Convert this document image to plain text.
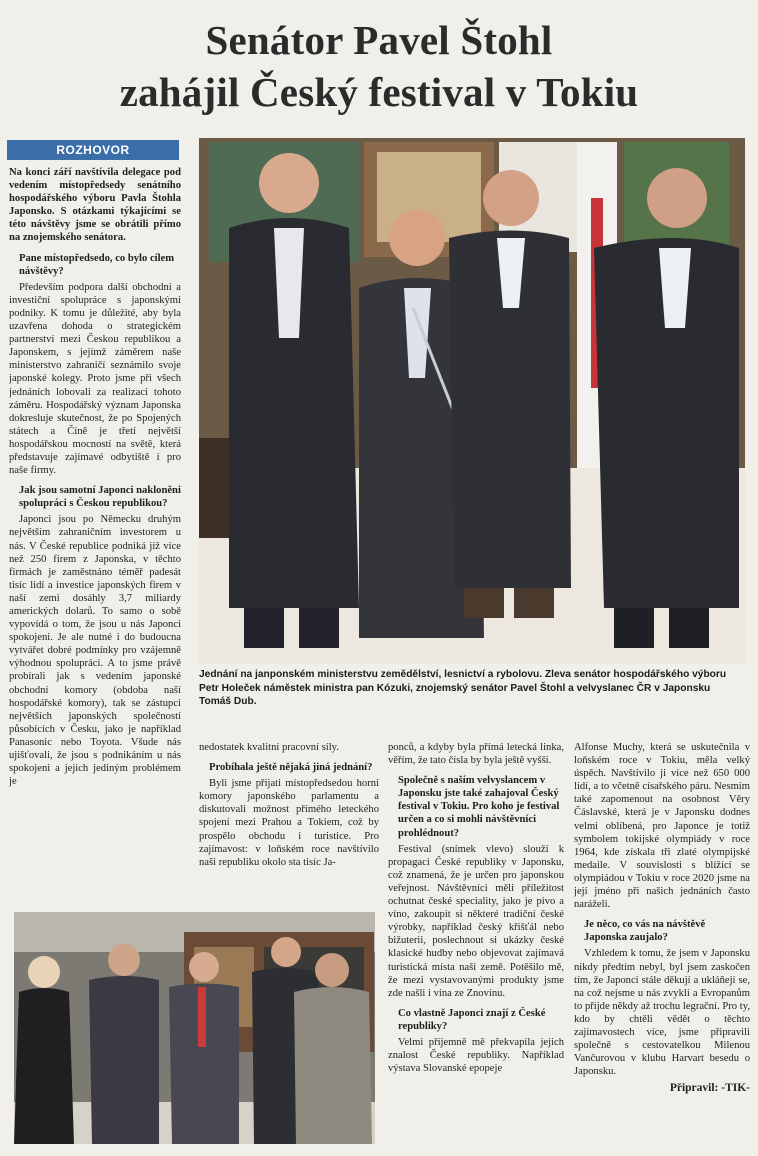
Senátor Pavel Štohl
zahájil Český festival v Tokiu
ROZHOVOR

Na konci září navštívila delegace pod vedením místopředsedy senátního hospodářského výboru Pavla Štohla Japonsko. S otázkami týkajícími se této návštěvy jsme se obrátili přímo na znojemského senátora.

Pane místopředsedo, co bylo cílem návštěvy?

Především podpora další obchodní a investiční spolupráce s japonskými podniky. K tomu je důležité, aby byla uzavřena dohoda o strategickém partnerství mezi Českou republikou a Japonskem, s jejímž záměrem naše ministerstvo zahraničí seznámilo svoje japonské kolegy. Proto jsme při všech jednáních lobovali za realizaci tohoto záměru. Hospodářský význam Japonska dokresluje skutečnost, že po Spojených státech a Číně je třetí největší hospodářskou mocností na světě, která představuje zajímavé odbytiště i pro naše firmy.

Jak jsou samotní Japonci nakloněni spolupráci s Českou republikou?

Japonci jsou po Německu druhým největším zahraničním investorem u nás. V České republice podniká již více než 250 firem z Japonska, v těchto firmách je zaměstnáno téměř padesát tisíc lidí a investice japonských firem v naší zemi dosáhly 3,7 miliardy amerických dolarů. To samo o sobě vypovídá o tom, že jsou u nás Japonci spokojeni. Je ale nutné i do budoucna vytvářet dobré podmínky pro vzájemně výhodnou spolupráci. A to jsme právě probírali jak s vedením japonské obchodní komory (obdoba naší hospodářské komory), tak se zástupci největších japonských společností působících v Česku, jako je například Panasonic nebo Toyota. Všude nás ujišťovali, že jsou s podnikáním u nás spokojeni a jejich jediným problémem je

Jednání na janponském ministerstvu zemědělství, lesnictví a rybolovu. Zleva senátor hospodářského výboru Petr Holeček náměstek ministra pan Kózuki, znojemský senátor Pavel Štohl a velvyslanec ČR v Japonsku Tomáš Dub.

nedostatek kvalitní pracovní síly.

Probíhala ještě nějaká jiná jednání?

Byli jsme přijati místopředsedou horní komory japonského parlamentu a diskutovali možnost přímého leteckého spojení mezi Prahou a Tokiem, což by prospělo obchodu i turistice. Pro zajímavost: v loňském roce navštívilo naši republiku okolo sta tisíc Ja-

ponců, a kdyby byla přímá letecká linka, věřím, že tato čísla by byla ještě vyšší.

Společně s naším velvyslancem v Japonsku jste také zahajoval Český festival v Tokiu. Pro koho je festival určen a co si mohli návštěvníci prohlédnout?

Festival (snímek vlevo) slouží k propagaci České republiky v Japonsku, což znamená, že je určen pro japonskou veřejnost. Návštěvníci měli příležitost ochutnat české speciality, jako je pivo a víno, zakoupit si některé tradiční české výrobky, například český křišťál nebo bižuterii, poslechnout si ukázky české klasické hudby nebo objevovat zajímavá turistická místa naší země. Potěšilo mě, že mezi vystavovanými produkty jsme zde našli i vína ze Znovínu.

Co vlastně Japonci znají z České republiky?

Velmi příjemně mě překvapila jejich znalost České republiky. Například výstava Slovanské epopeje

Alfonse Muchy, která se uskutečnila v loňském roce v Tokiu, měla velký úspěch. Navštívilo ji více než 650 000 lidí, a to včetně císařského páru. Nesmím také zapomenout na osobnost Věry Čáslavské, která je v Japonsku dodnes velmi oblíbená, pro Japonce je totiž symbolem tokijské olympiády v roce 1964, kde získala tři zlaté olympijské medaile. V souvislosti s blížící se olympiádou v Tokiu v roce 2020 jsme na její jméno při našich jednáních často naráželi.

Je něco, co vás na návštěvě Japonska zaujalo?

Vzhledem k tomu, že jsem v Japonsku nikdy předtím nebyl, byl jsem zaskočen tím, že Japonci stále děkují a ukláňejí se, na což nejsme u nás zvyklí a Evropanům to přijde někdy až trochu legrační. Pro ty, kdo by chtěli vědět o těchto zajímavostech více, jsme připravili společně s cestovatelkou Milenou Vančurovou v klubu Harvart besedu o Japonsku.

Připravil: -TIK-
